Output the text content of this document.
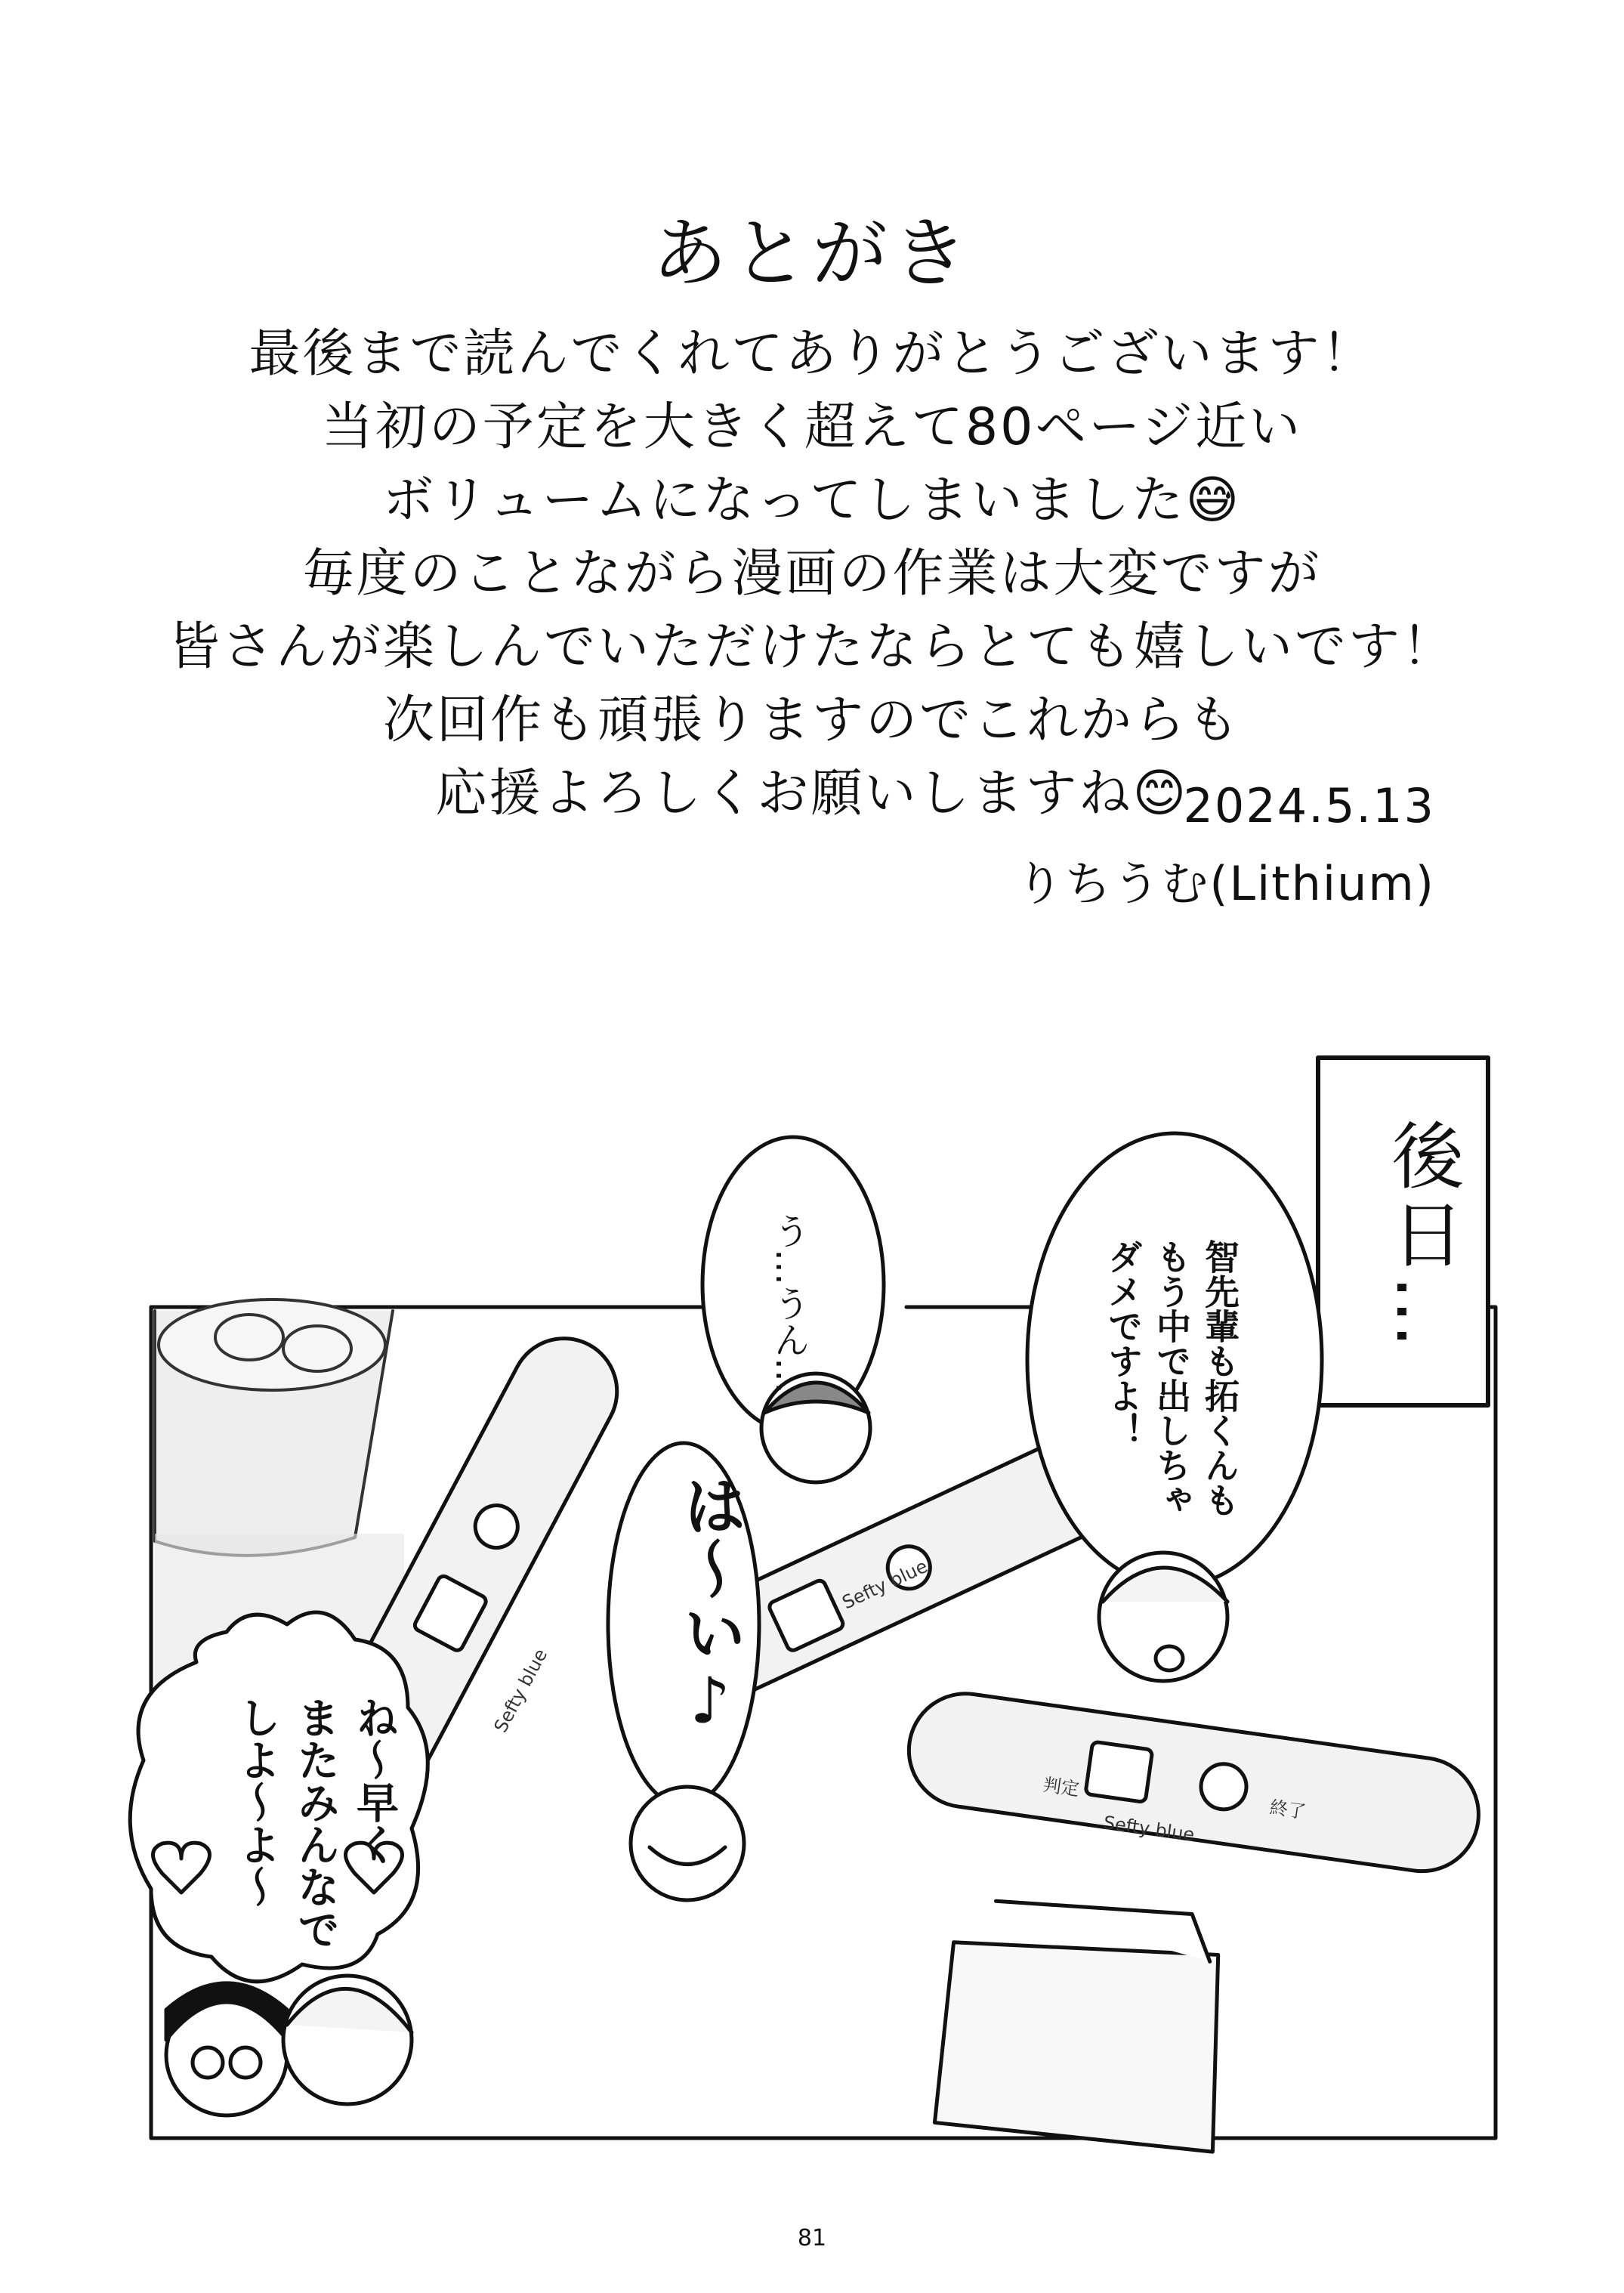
あとがき
最後まで読んでくれてありがとうございます！
当初の予定を大きく超えて80ページ近い
ボリュームになってしまいました😅
毎度のことながら漫画の作業は大変ですが
皆さんが楽しんでいただけたならとても嬉しいです！
次回作も頑張りますのでこれからも
応援よろしくお願いしますね😊
2024.5.13
りちうむ(Lithium)
Sefty blue
Sefty blue
Sefty blue
判定
終了
後日…
う…うん…	智先輩も拓くんも
もう中で出しちゃ
ダメですよ！
は〜い♪
ね〜早く
またみんなで
しよ〜よ〜
81
